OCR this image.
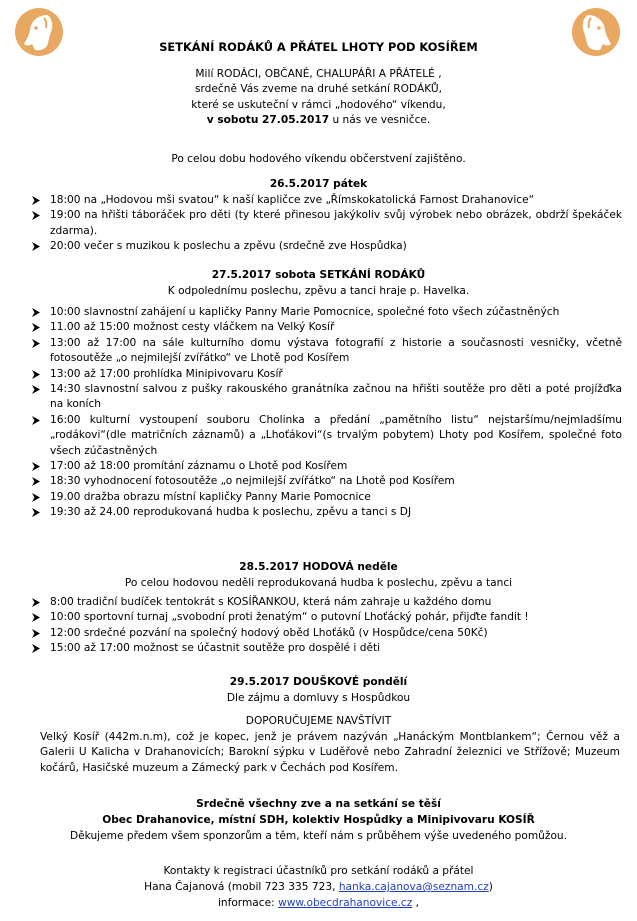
SETKÁNÍ RODÁKŮ A PŘÁTEL LHOTY POD KOSÍŘEM
Milí RODÁCI, OBČANÉ, CHALUPÁŘI A PŘÁTELÉ ,
srdečně Vás zveme na druhé setkání RODÁKŮ,
které se uskuteční v rámci „hodového“ víkendu,
v sobotu 27.05.2017 u nás ve vesničce.
Po celou dobu hodového víkendu občerstvení zajištěno.
26.5.2017 pátek
18:00 na „Hodovou mši svatou“ k naší kapličce zve „Římskokatolická Farnost Drahanovice“
19:00 na hřišti táboráček pro děti (ty které přinesou jakýkoliv svůj výrobek nebo obrázek, obdrží špekáček zdarma).
20:00 večer s muzikou k poslechu a zpěvu (srdečně zve Hospůdka)
27.5.2017 sobota SETKÁNÍ RODÁKŮ
K odpolednímu poslechu, zpěvu a tanci hraje p. Havelka.
10:00 slavnostní zahájení u kapličky Panny Marie Pomocnice, společné foto všech zúčastněných
11.00 až 15:00 možnost cesty vláčkem na Velký Kosíř
13:00 až 17:00 na sále kulturního domu výstava fotografií z historie a současnosti vesničky, včetně fotosoutěže „o nejmilejší zvířátko“ ve Lhotě pod Kosířem
13:00 až 17:00 prohlídka Minipivovaru Kosíř
14:30 slavnostní salvou z pušky rakouského granátníka začnou na hřišti soutěže pro děti a poté projížďka na koních
16:00 kulturní vystoupení souboru Cholinka a předání „pamětního listu“ nejstaršímu/nejmladšímu „rodákovi“(dle matričních záznamů) a „Lhoťákovi“(s trvalým pobytem) Lhoty pod Kosířem, společné foto všech zúčastněných
17:00 až 18:00 promítání záznamu o Lhotě pod Kosířem
18:30 vyhodnocení fotosoutěže „o nejmilejší zvířátko“ na Lhotě pod Kosířem
19.00 dražba obrazu místní kapličky Panny Marie Pomocnice
19:30 až 24.00 reprodukovaná hudba k poslechu, zpěvu a tanci s DJ
28.5.2017 HODOVÁ neděle
Po celou hodovou neděli reprodukovaná hudba k poslechu, zpěvu a tanci
8:00 tradiční budíček tentokrát s KOSÍŘANKOU, která nám zahraje u každého domu
10:00 sportovní turnaj „svobodní proti ženatým“ o putovní Lhoťácký pohár, přijďte fandit !
12:00 srdečné pozvání na společný hodový oběd Lhoťáků (v Hospůdce/cena 50Kč)
15:00 až 17:00 možnost se účastnit soutěže pro dospělé i děti
29.5.2017 DOUŠKOVÉ pondělí
Dle zájmu a domluvy s Hospůdkou
DOPORUČUJEME NAVŠTÍVIT
Velký Kosíř (442m.n.m), což je kopec, jenž je právem nazýván „Hanáckým Montblankem“; Černou věž a Galerii U Kalicha v Drahanovicích; Barokní sýpku v Luděřově nebo Zahradní železnici ve Střížově; Muzeum kočárů, Hasičské muzeum a Zámecký park v Čechách pod Kosířem.
Srdečně všechny zve a na setkání se těší
Obec Drahanovice, místní SDH, kolektiv Hospůdky a Minipivovaru KOSÍŘ
Děkujeme předem všem sponzorům a těm, kteří nám s průběhem výše uvedeného pomůžou.
Kontakty k registraci účastníků pro setkání rodáků a přátel
Hana Čajanová (mobil 723 335 723, hanka.cajanova@seznam.cz)
informace: www.obecdrahanovice.cz ,
